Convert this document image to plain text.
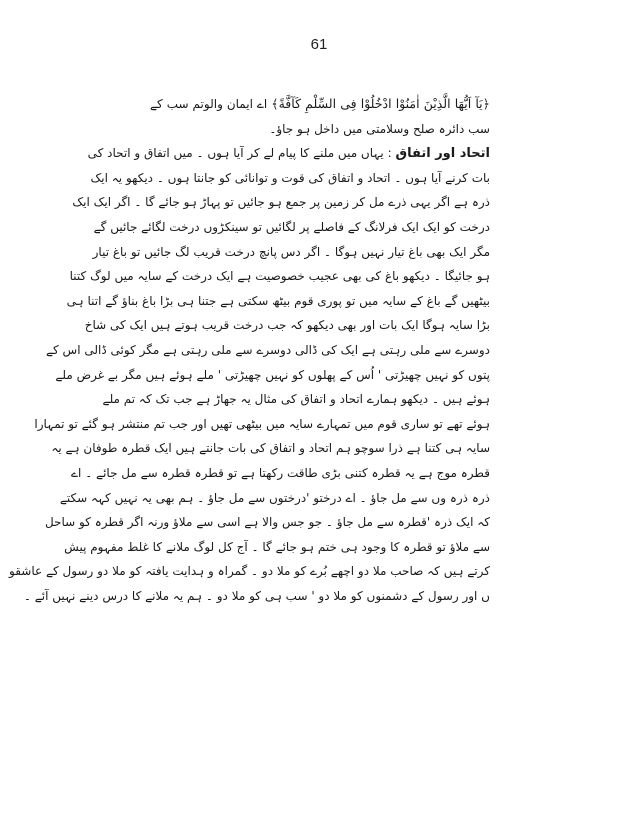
61
﴿يَآ اَيُّهَا الَّذِيْنَ اٰمَنُوْا ادْخُلُوْا فِى السِّلْمِ كَآفَّةً﴾ اے ایمان والوتم سب کے
سب دائرہ صلح وسلامتی میں داخل ہو جاؤ۔
اتحاد اور اتفاق : یہاں میں ملنے کا پیام لے کر آیا ہوں ۔ میں اتفاق و اتحاد کی
بات کرنے آیا ہوں ۔ اتحاد و اتفاق کی قوت و توانائی کو جانتا ہوں ۔ دیکھو یہ ایک
ذرہ ہے اگر یہی ذرے مل کر زمین پر جمع ہو جائیں تو پہاڑ ہو جائے گا ۔ اگر ایک ایک
درخت کو ایک ایک فرلانگ کے فاصلے پر لگائیں تو سینکڑوں درخت لگائے جائیں گے
مگر ایک بھی باغ تیار نہیں ہوگا ۔ اگر دس پانچ درخت قریب لگ جائیں تو باغ تیار
ہو جائیگا ۔ دیکھو باغ کی بھی عجیب خصوصیت ہے ایک درخت کے سایہ میں لوگ کتنا
بیٹھیں گے باغ کے سایہ میں تو پوری قوم بیٹھ سکتی ہے جتنا ہی بڑا باغ بناؤ گے اتنا ہی
بڑا سایہ ہوگا ایک بات اور بھی دیکھو کہ جب درخت قریب ہوتے ہیں ایک کی شاخ
دوسرے سے ملی رہتی ہے ایک کی ڈالی دوسرے سے ملی رہتی ہے مگر کوئی ڈالی اس کے
پتوں کو نہیں چھیڑتی ' اُس کے پھلوں کو نہیں چھیڑتی ' ملے ہوئے ہیں مگر بے غرض ملے
ہوئے ہیں ۔ دیکھو ہمارے اتحاد و اتفاق کی مثال یہ جھاڑ ہے جب تک کہ تم ملے
ہوئے تھے تو ساری قوم میں تمہارے سایہ میں بیٹھی تھیں اور جب تم منتشر ہو گئے تو تمہارا
سایہ ہی کتنا ہے ذرا سوچو ہم اتحاد و اتفاق کی بات جانتے ہیں ایک قطرہ طوفان ہے یہ
قطرہ موج ہے یہ قطرہ کتنی بڑی طاقت رکھتا ہے تو قطرہ قطرہ سے مل جائے ۔ اے
ذرہ ذرہ وں سے مل جاؤ ۔ اے درختو 'درختوں سے مل جاؤ ۔ ہم بھی یہ نہیں کہہ سکتے
کہ ایک ذرہ 'قطرہ سے مل جاؤ ۔ جو جس والا ہے اسی سے ملاؤ ورنہ اگر قطرہ کو ساحل
سے ملاؤ تو قطرہ کا وجود ہی ختم ہو جائے گا ۔ آج کل لوگ ملانے کا غلط مفہوم پیش
کرتے ہیں کہ صاحب ملا دو اچھے بُرے کو ملا دو ۔ گمراہ و ہدایت یافتہ کو ملا دو رسول کے عاشقو
ں اور رسول کے دشمنوں کو ملا دو ' سب ہی کو ملا دو ۔ ہم یہ ملانے کا درس دینے نہیں آئے ۔
